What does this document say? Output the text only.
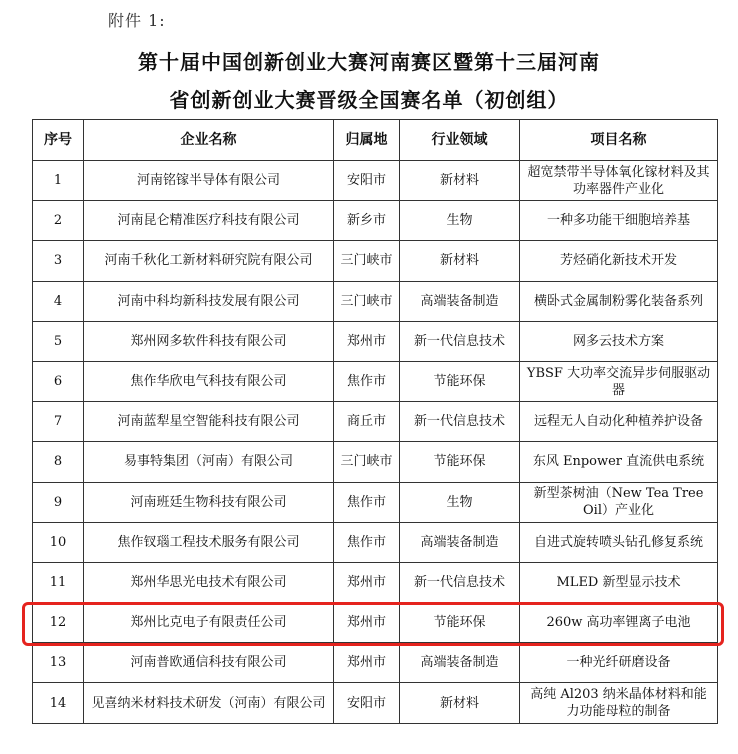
附件 1:
第十届中国创新创业大赛河南赛区暨第十三届河南
省创新创业大赛晋级全国赛名单（初创组）
序号	企业名称	归属地	行业领域	项目名称
1	河南铭镓半导体有限公司	安阳市	新材料	超宽禁带半导体氧化镓材料及其功率器件产业化
2	河南昆仑精准医疗科技有限公司	新乡市	生物	一种多功能干细胞培养基
3	河南千秋化工新材料研究院有限公司	三门峡市	新材料	芳烃硝化新技术开发
4	河南中科均新科技发展有限公司	三门峡市	高端装备制造	横卧式金属制粉雾化装备系列
5	郑州网多软件科技有限公司	郑州市	新一代信息技术	网多云技术方案
6	焦作华欣电气科技有限公司	焦作市	节能环保	YBSF 大功率交流异步伺服驱动器
7	河南蓝犁星空智能科技有限公司	商丘市	新一代信息技术	远程无人自动化种植养护设备
8	易事特集团（河南）有限公司	三门峡市	节能环保	东风 Enpower 直流供电系统
9	河南班廷生物科技有限公司	焦作市	生物	新型茶树油（New Tea Tree Oil）产业化
10	焦作钗瑙工程技术服务有限公司	焦作市	高端装备制造	自进式旋转喷头钻孔修复系统
11	郑州华思光电技术有限公司	郑州市	新一代信息技术	MLED 新型显示技术
12	郑州比克电子有限责任公司	郑州市	节能环保	260w 高功率锂离子电池
13	河南普欧通信科技有限公司	郑州市	高端装备制造	一种光纤研磨设备
14	见喜纳米材料技术研发（河南）有限公司	安阳市	新材料	高纯 Al203 纳米晶体材料和能力功能母粒的制备
